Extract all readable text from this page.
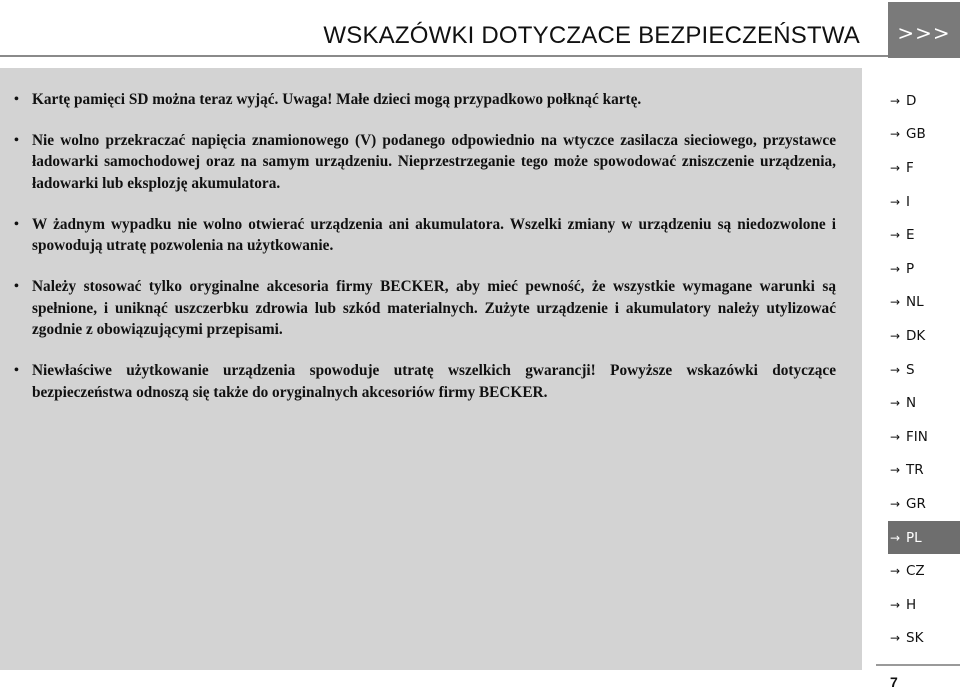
WSKAZÓWKI DOTYCZACE BEZPIECZEŃSTWA	>>>
• Kartę pamięci SD można teraz wyjąć. Uwaga! Małe dzieci mogą przypadkowo połknąć kartę.

• Nie wolno przekraczać napięcia znamionowego (V) podanego odpowiednio na wtyczce zasilacza sieciowego, przystawce ładowarki samochodowej oraz na samym urządzeniu. Nieprzestrzeganie tego może spowodować zniszczenie urządzenia, ładowarki lub eksplozję akumulatora.

• W żadnym wypadku nie wolno otwierać urządzenia ani akumulatora. Wszelki zmiany w urządzeniu są niedozwolone i spowodują utratę pozwolenia na użytkowanie.

• Należy stosować tylko oryginalne akcesoria firmy BECKER, aby mieć pewność, że wszystkie wymagane warunki są spełnione, i uniknąć uszczerbku zdrowia lub szkód materialnych. Zużyte urządzenie i akumulatory należy utylizować zgodnie z obowiązującymi przepisami.

• Niewłaściwe użytkowanie urządzenia spowoduje utratę wszelkich gwarancji! Powyższe wskazówki dotyczące bezpieczeństwa odnoszą się także do oryginalnych akcesoriów firmy BECKER.

→ D
→ GB
→ F
→ I
→ E
→ P
→ NL
→ DK
→ S
→ N
→ FIN
→ TR
→ GR
→ PL
→ CZ
→ H
→ SK
7
